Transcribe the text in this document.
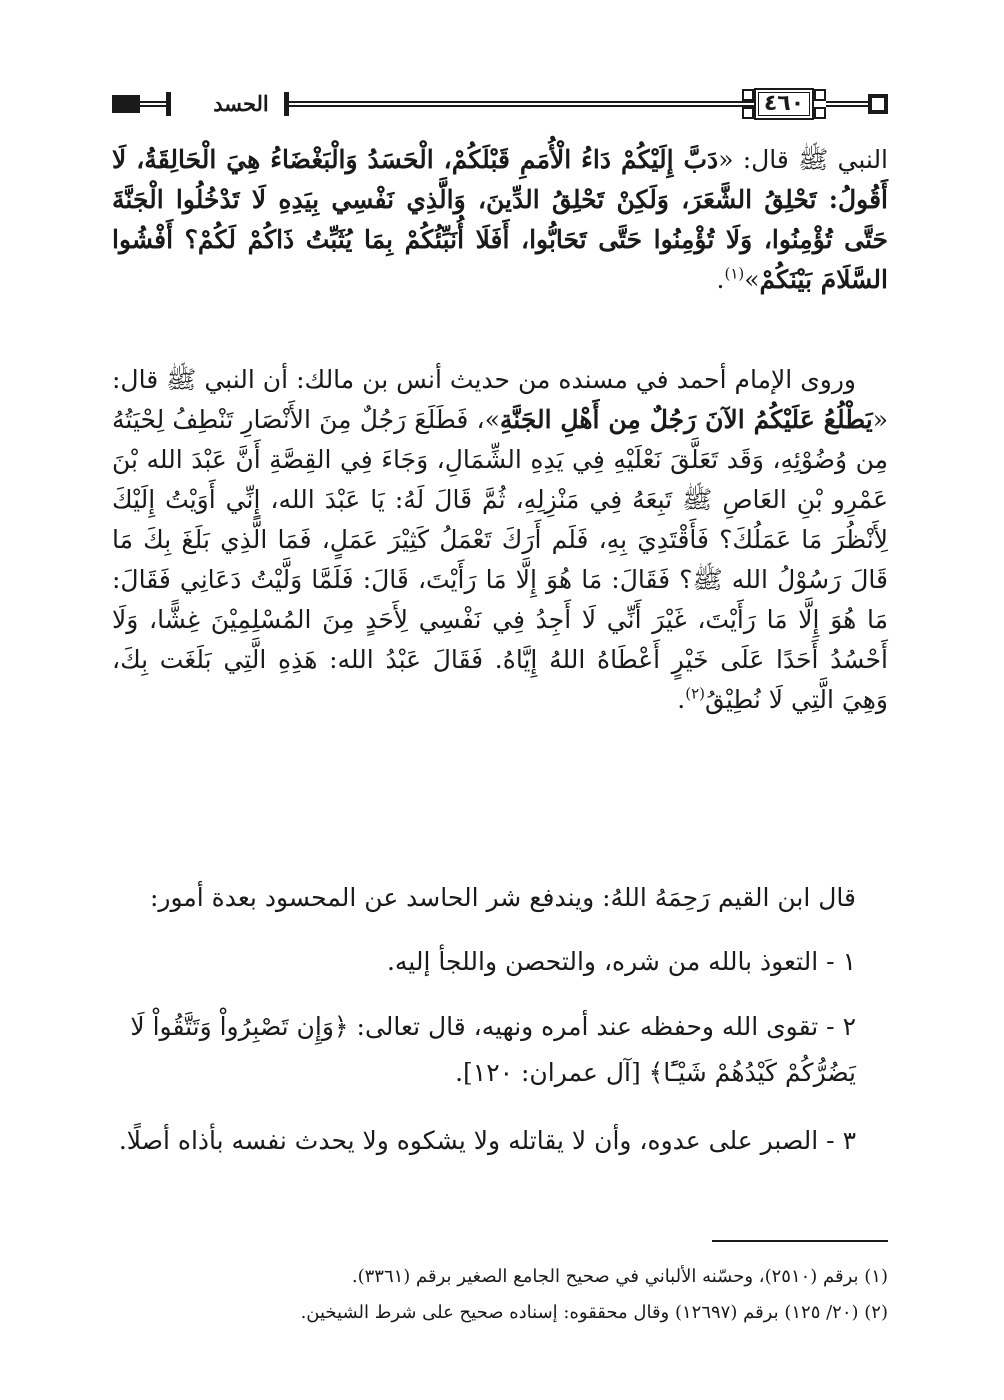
الحسد	٤٦٠
النبي ﷺ قال: «دَبَّ إِلَيْكُمْ دَاءُ الْأُمَمِ قَبْلَكُمْ، الْحَسَدُ وَالْبَغْضَاءُ هِيَ الْحَالِقَةُ، لَا أَقُولُ: تَحْلِقُ الشَّعَرَ، وَلَكِنْ تَحْلِقُ الدِّينَ، وَالَّذِي نَفْسِي بِيَدِهِ لَا تَدْخُلُوا الْجَنَّةَ حَتَّى تُؤْمِنُوا، وَلَا تُؤْمِنُوا حَتَّى تَحَابُّوا، أَفَلَا أُنَبِّئُكُمْ بِمَا يُثَبِّتُ ذَاكُمْ لَكُمْ؟ أَفْشُوا السَّلَامَ بَيْنَكُمْ»$^{(١)}$.
وروى الإمام أحمد في مسنده من حديث أنس بن مالك: أن النبي ﷺ قال: «يَطْلُعُ عَلَيْكُمُ الآنَ رَجُلٌ مِن أَهْلِ الجَنَّةِ»، فَطَلَعَ رَجُلٌ مِنَ الأَنْصَارِ تَنْطِفُ لِحْيَتُهُ مِن وُضُوْئِهِ، وَقَد تَعَلَّقَ نَعْلَيْهِ فِي يَدِهِ الشِّمَالِ، وَجَاءَ فِي القِصَّةِ أَنَّ عَبْدَ الله بْنَ عَمْرِو بْنِ العَاصِ ﷺ تَبِعَهُ فِي مَنْزِلِهِ، ثُمَّ قَالَ لَهُ: يَا عَبْدَ الله، إِنِّي أَوَيْتُ إِلَيْكَ لِأَنْظُرَ مَا عَمَلُكَ؟ فَأَقْتَدِيَ بِهِ، فَلَم أَرَكَ تَعْمَلُ كَثِيْرَ عَمَلٍ، فَمَا الَّذِي بَلَغَ بِكَ مَا قَالَ رَسُوْلُ الله ﷺ؟ فَقَالَ: مَا هُوَ إِلَّا مَا رَأَيْتَ، قَالَ: فَلَمَّا وَلَّيْتُ دَعَانِي فَقَالَ: مَا هُوَ إِلَّا مَا رَأَيْتَ، غَيْرَ أَنِّي لَا أَجِدُ فِي نَفْسِي لِأَحَدٍ مِنَ المُسْلِمِيْنَ غِشًّا، وَلَا أَحْسُدُ أَحَدًا عَلَى خَيْرٍ أَعْطَاهُ اللهُ إِيَّاهُ. فَقَالَ عَبْدُ الله: هَذِهِ الَّتِي بَلَغَت بِكَ، وَهِيَ الَّتِي لَا نُطِيْقُ$^{(٢)}$.
قال ابن القيم رَحِمَهُ اللهُ: ويندفع شر الحاسد عن المحسود بعدة أمور:
١ - التعوذ بالله من شره، والتحصن واللجأ إليه.
٢ - تقوى الله وحفظه عند أمره ونهيه، قال تعالى: ﴿وَإِن تَصْبِرُواْ وَتَتَّقُواْ لَا يَضُرُّكُمْ كَيْدُهُمْ شَيْـًٔا﴾ [آل عمران: ١٢٠].
٣ - الصبر على عدوه، وأن لا يقاتله ولا يشكوه ولا يحدث نفسه بأذاه أصلًا.
(١) برقم (٢٥١٠)، وحسّنه الألباني في صحيح الجامع الصغير برقم (٣٣٦١).
(٢) (٢٠/ ١٢٥) برقم (١٢٦٩٧) وقال محققوه: إسناده صحيح على شرط الشيخين.
